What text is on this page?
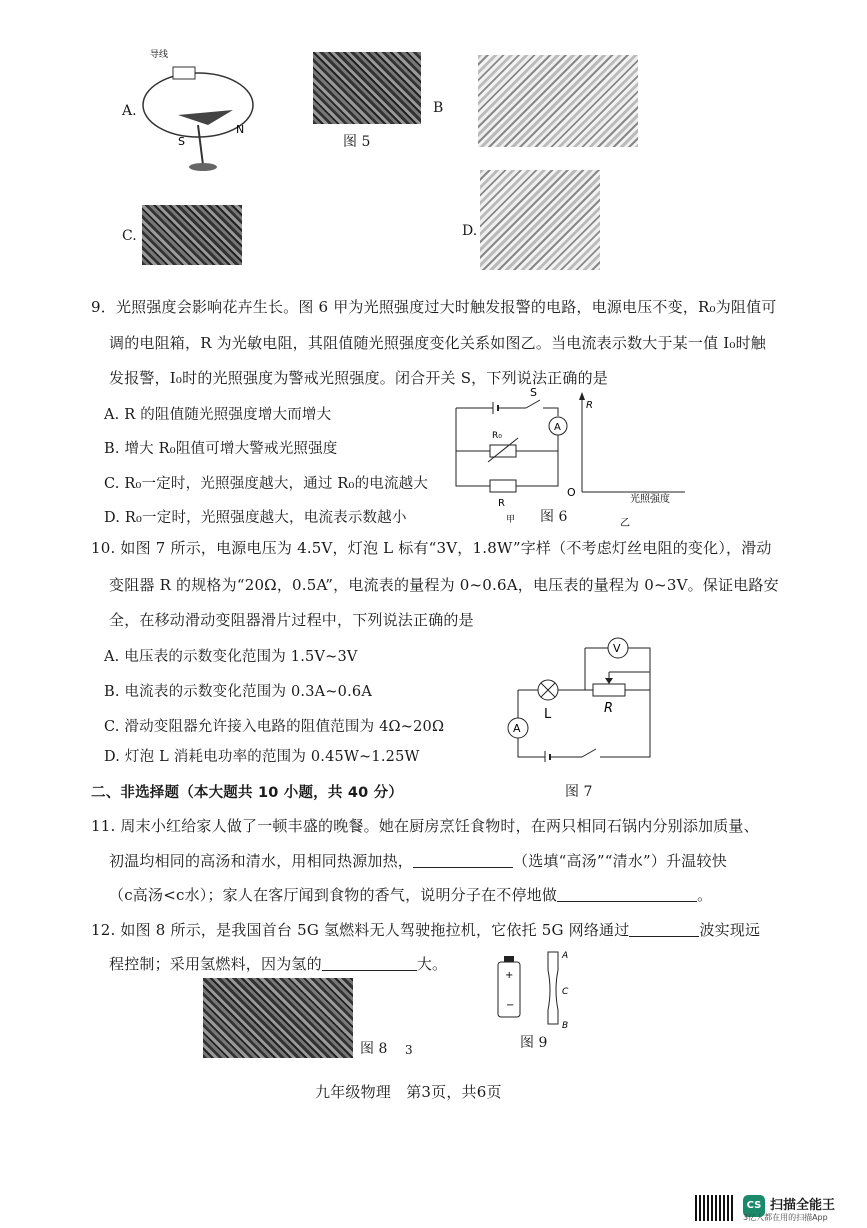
A.
导线
S
N
图 5
B
C.	D.
9．光照强度会影响花卉生长。图 6 甲为光照强度过大时触发报警的电路，电源电压不变，R₀为阻值可
调的电阻箱，R 为光敏电阻，其阻值随光照强度变化关系如图乙。当电流表示数大于某一值 I₀时触
发报警，I₀时的光照强度为警戒光照强度。闭合开关 S，下列说法正确的是
A. R 的阻值随光照强度增大而增大
B. 增大 R₀阻值可增大警戒光照强度
C. R₀一定时，光照强度越大，通过 R₀的电流越大
D. R₀一定时，光照强度越大，电流表示数越小
S
A
R₀
R
甲 图 6
R
O
光照强度
乙
10. 如图 7 所示，电源电压为 4.5V，灯泡 L 标有“3V，1.8W”字样（不考虑灯丝电阻的变化），滑动
变阻器 R 的规格为“20Ω，0.5A”，电流表的量程为 0~0.6A，电压表的量程为 0~3V。保证电路安
全，在移动滑动变阻器滑片过程中，下列说法正确的是
A. 电压表的示数变化范围为 1.5V~3V
B. 电流表的示数变化范围为 0.3A~0.6A
C. 滑动变阻器允许接入电路的阻值范围为 4Ω~20Ω
D. 灯泡 L 消耗电功率的范围为 0.45W~1.25W
V
A
L	R
二、非选择题（本大题共 10 小题，共 40 分）	图 7
11. 周末小红给家人做了一顿丰盛的晚餐。她在厨房烹饪食物时，在两只相同石锅内分别添加质量、
初温均相同的高汤和清水，用相同热源加热，	（选填“高汤”“清水”）升温较快
（c高汤<c水）；家人在客厅闻到食物的香气，说明分子在不停地做	。
12. 如图 8 所示，是我国首台 5G 氢燃料无人驾驶拖拉机，它依托 5G 网络通过	波实现远
程控制；采用氢燃料，因为氢的	大。
图 8 3
+
−
A
C
B
图 9
九年级物理　第3页，共6页
CS 扫描全能王
3亿人都在用的扫描App
